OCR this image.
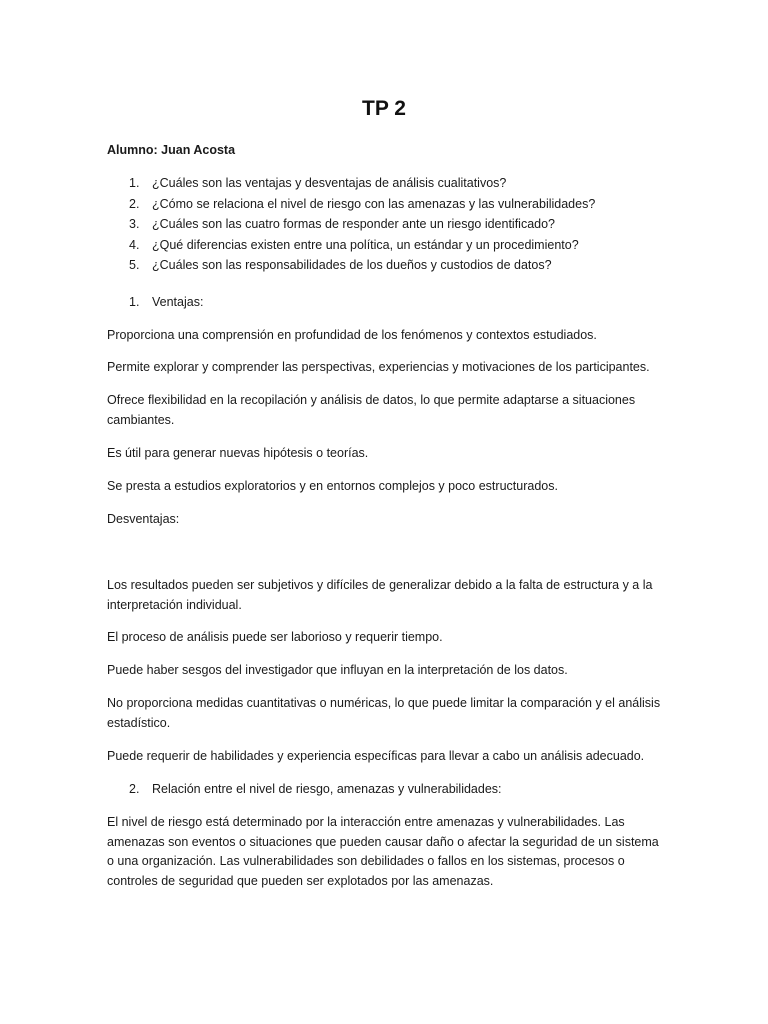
TP 2
Alumno: Juan Acosta
1. ¿Cuáles son las ventajas y desventajas de análisis cualitativos?
2. ¿Cómo se relaciona el nivel de riesgo con las amenazas y las vulnerabilidades?
3. ¿Cuáles son las cuatro formas de responder ante un riesgo identificado?
4. ¿Qué diferencias existen entre una política, un estándar y un procedimiento?
5. ¿Cuáles son las responsabilidades de los dueños y custodios de datos?
1. Ventajas:

Proporciona una comprensión en profundidad de los fenómenos y contextos estudiados.

Permite explorar y comprender las perspectivas, experiencias y motivaciones de los participantes.

Ofrece flexibilidad en la recopilación y análisis de datos, lo que permite adaptarse a situaciones cambiantes.

Es útil para generar nuevas hipótesis o teorías.

Se presta a estudios exploratorios y en entornos complejos y poco estructurados.

Desventajas:

Los resultados pueden ser subjetivos y difíciles de generalizar debido a la falta de estructura y a la interpretación individual.

El proceso de análisis puede ser laborioso y requerir tiempo.

Puede haber sesgos del investigador que influyan en la interpretación de los datos.

No proporciona medidas cuantitativas o numéricas, lo que puede limitar la comparación y el análisis estadístico.

Puede requerir de habilidades y experiencia específicas para llevar a cabo un análisis adecuado.

2. Relación entre el nivel de riesgo, amenazas y vulnerabilidades:

El nivel de riesgo está determinado por la interacción entre amenazas y vulnerabilidades. Las amenazas son eventos o situaciones que pueden causar daño o afectar la seguridad de un sistema o una organización. Las vulnerabilidades son debilidades o fallos en los sistemas, procesos o controles de seguridad que pueden ser explotados por las amenazas.
